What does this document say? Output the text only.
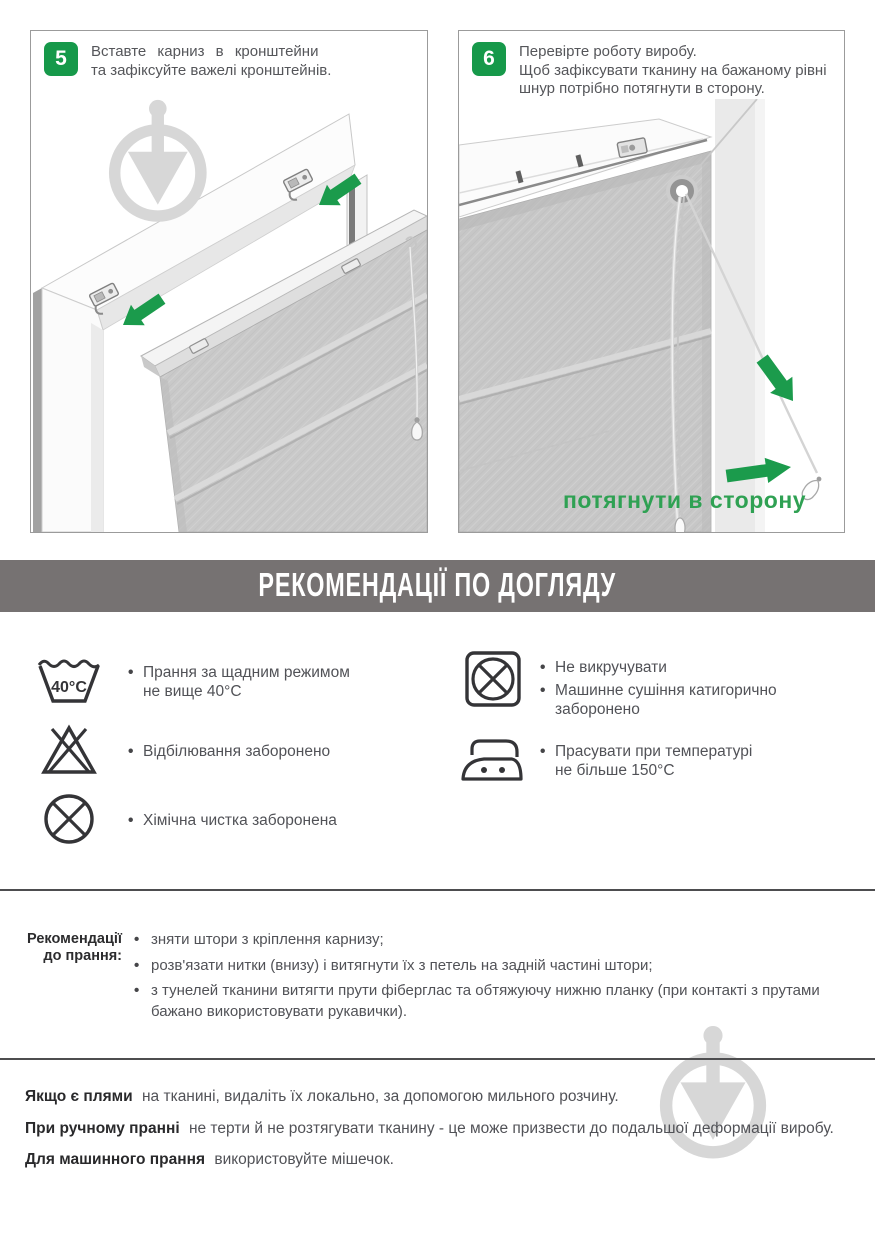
5	Вставте карниз в кронштейни
та зафіксуйте важелі кронштейнів.	6	Перевірте роботу виробу.
Щоб зафіксувати тканину на бажаному рівні
шнур потрібно потягнути в сторону.
потягнути в сторону
РЕКОМЕНДАЦІЇ ПО ДОГЛЯДУ
40°C
• Прання за щадним режимом
не вище 40°С
• Відбілювання заборонено
• Хімічна чистка заборонена
• Не викручувати
• Машинне сушіння катигорично
заборонено
• Прасувати при температурі
не більше 150°С
Рекомендації
до прання:
• зняти штори з кріплення карнизу;
• розв'язати нитки (внизу) і витягнути їх з петель на задній частині штори;
• з тунелей тканини витягти прути фіберглас та обтяжуючу нижню планку (при контакті з прутами бажано використовувати рукавички).

Якщо є плями на тканині, видаліть їх локально, за допомогою мильного розчину.

При ручному пранні не терти й не розтягувати тканину - це може призвести до подальшої деформації виробу.

Для машинного прання використовуйте мішечок.
